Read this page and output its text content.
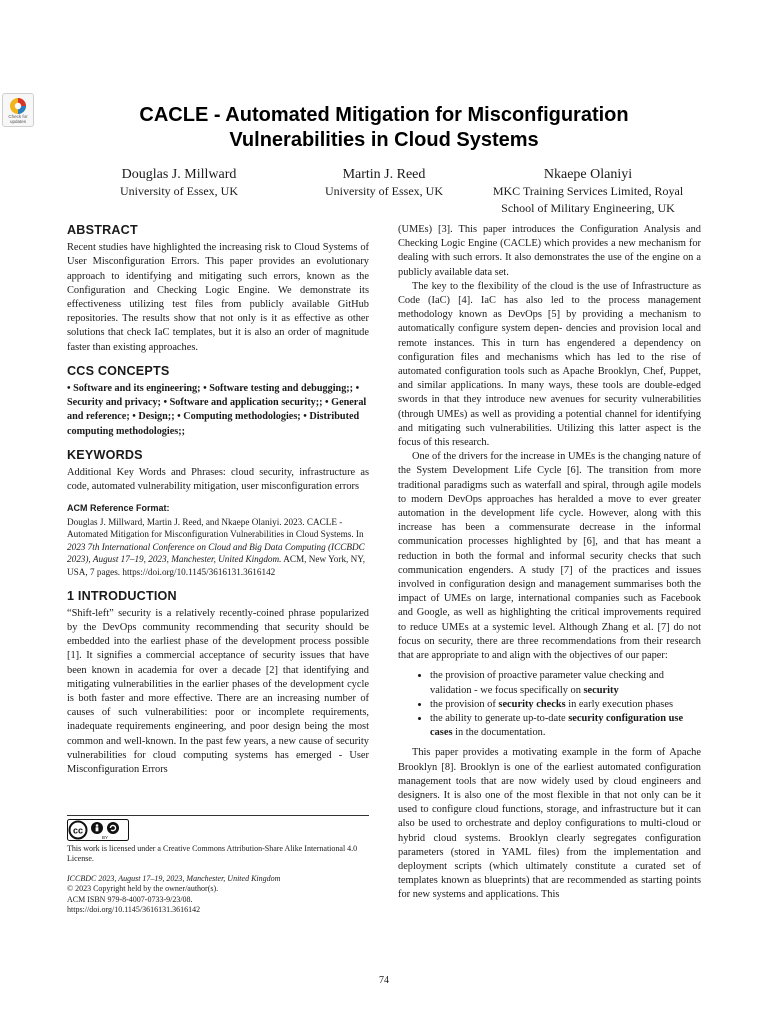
Check for
updates	CACLE - Automated Mitigation for Misconfiguration
Vulnerabilities in Cloud Systems
Douglas J. Millward
University of Essex, UK
Martin J. Reed
University of Essex, UK
Nkaepe Olaniyi
MKC Training Services Limited, Royal
School of Military Engineering, UK
ABSTRACT

Recent studies have highlighted the increasing risk to Cloud Systems of User Misconfiguration Errors. This paper provides an evolutionary approach to identifying and mitigating such errors, known as the Configuration and Checking Logic Engine. We demonstrate its effectiveness utilizing test files from publicly available GitHub repositories. The results show that not only is it as effective as other solutions that check IaC templates, but it is also an order of magnitude faster than existing approaches.

CCS CONCEPTS

• Software and its engineering; • Software testing and debugging;; • Security and privacy; • Software and application security;; • General and reference; • Design;; • Computing methodologies; • Distributed computing methodologies;;

KEYWORDS

Additional Key Words and Phrases: cloud security, infrastructure as code, automated vulnerability mitigation, user misconfiguration errors

ACM Reference Format:

Douglas J. Millward, Martin J. Reed, and Nkaepe Olaniyi. 2023. CACLE - Automated Mitigation for Misconfiguration Vulnerabilities in Cloud Systems. In 2023 7th International Conference on Cloud and Big Data Computing (ICCBDC 2023), August 17–19, 2023, Manchester, United Kingdom. ACM, New York, NY, USA, 7 pages. https://doi.org/10.1145/3616131.3616142

1 INTRODUCTION

“Shift-left” security is a relatively recently-coined phrase popularized by the DevOps community recommending that security should be embedded into the earliest phase of the development process possible [1]. It signifies a commercial acceptance of security issues that have been known in academia for over a decade [2] that identifying and mitigating vulnerabilities in the earlier phases of the development cycle is both faster and more effective. There are an increasing number of causes of such vulnerabilities: poor or incomplete requirements, inadequate requirements engineering, and poor design being the most common and well-known. In the past few years, a new cause of security vulnerabilities for cloud computing systems has emerged - User Misconfiguration Errors

cc
BY

This work is licensed under a Creative Commons Attribution-Share Alike International 4.0 License.

ICCBDC 2023, August 17–19, 2023, Manchester, United Kingdom

© 2023 Copyright held by the owner/author(s).

ACM ISBN 979-8-4007-0733-9/23/08.

https://doi.org/10.1145/3616131.3616142

(UMEs) [3]. This paper introduces the Configuration Analysis and Checking Logic Engine (CACLE) which provides a new mechanism for dealing with such errors. It also demonstrates the use of the engine on a publicly available data set.

The key to the flexibility of the cloud is the use of Infrastructure as Code (IaC) [4]. IaC has also led to the process management methodology known as DevOps [5] by providing a mechanism to automatically configure system depen- dencies and provision local and remote instances. This in turn has engendered a dependency on configuration files and mechanisms which has led to the rise of automated configuration tools such as Apache Brooklyn, Chef, Puppet, and similar applications. In many ways, these tools are double-edged swords in that they introduce new avenues for security vulnerabilities (through UMEs) as well as providing a potential channel for identifying and mitigating such vulnerabilities. Utilizing this latter aspect is the focus of this research.

One of the drivers for the increase in UMEs is the changing nature of the System Development Life Cycle [6]. The transition from more traditional paradigms such as waterfall and spiral, through agile models to modern DevOps approaches has heralded a move to ever greater automation in the development life cycle. However, along with this increase has been a commensurate decrease in the informal communication processes highlighted by [6], and that has meant a reduction in both the formal and informal security checks that such communication engenders. A study [7] of the practices and issues involved in configuration design and management summarises both the impact of UMEs on large, international companies such as Facebook and Google, as well as highlighting the critical improvements required to reduce UMEs at a systemic level. Although Zhang et al. [7] do not focus on security, there are three recommendations from their research that are appropriate to and align with the objectives of our paper:

• the provision of proactive parameter value checking and validation - we focus specifically on security
• the provision of security checks in early execution phases
• the ability to generate up-to-date security configuration use cases in the documentation.

This paper provides a motivating example in the form of Apache Brooklyn [8]. Brooklyn is one of the earliest automated configuration management tools that are now widely used by cloud engineers and designers. It is also one of the most flexible in that not only can be it used to configure cloud functions, storage, and infrastructure but it can also be used to orchestrate and deploy configurations to multi-cloud or hybrid cloud systems. Brooklyn clearly segregates configuration parameters (stored in YAML files) from the implementation and deployment scripts (which ultimately constitute a curated set of templates known as blueprints) that are recommended as starting points for new systems and applications. This

74
